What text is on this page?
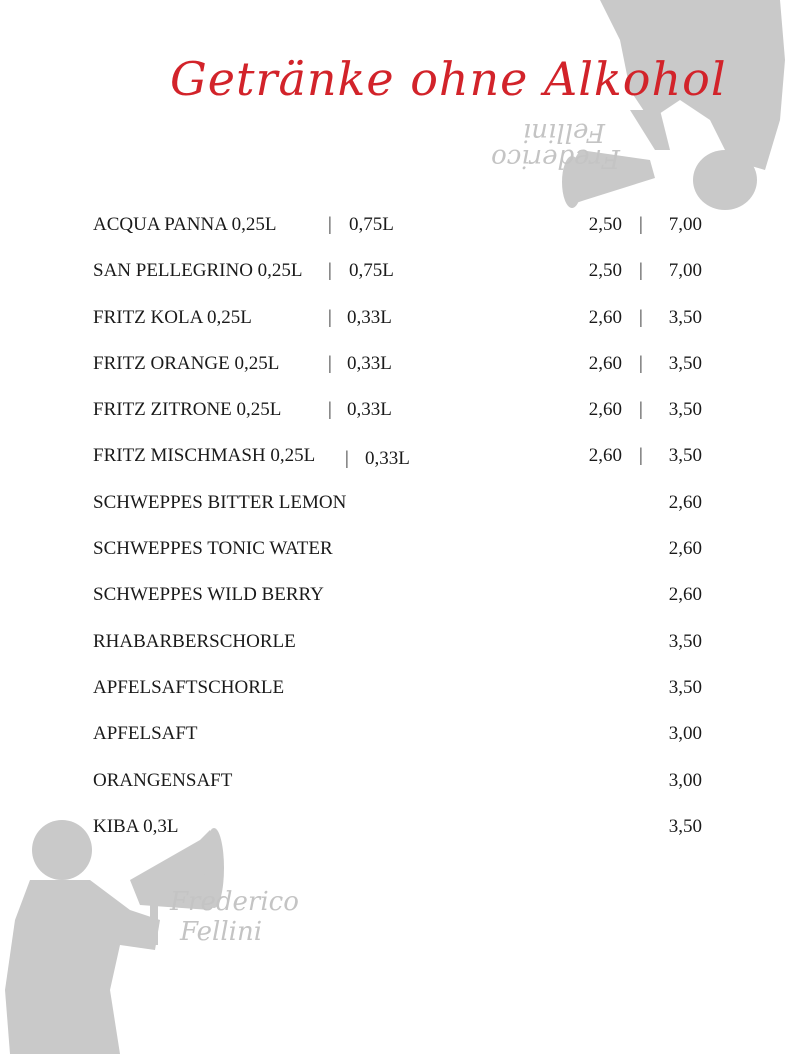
Frederico
Fellini
Frederico
Fellini
Getränke ohne Alkohol
ACQUA PANNA 0,25L	| 0,75L	2,50 |	7,00
SAN PELLEGRINO 0,25L | 0,75L	2,50 |	7,00
FRITZ KOLA 0,25L	| 0,33L	2,60 |	3,50
FRITZ ORANGE 0,25L	| 0,33L	2,60 |	3,50
FRITZ ZITRONE 0,25L | 0,33L	2,60 |	3,50
FRITZ MISCHMASH 0,25L | 0,33L	2,60 |	3,50
SCHWEPPES BITTER LEMON	2,60
SCHWEPPES TONIC WATER	2,60
SCHWEPPES WILD BERRY	2,60
RHABARBERSCHORLE	3,50
APFELSAFTSCHORLE	3,50
APFELSAFT	3,00
ORANGENSAFT	3,00
KIBA 0,3L	3,50
